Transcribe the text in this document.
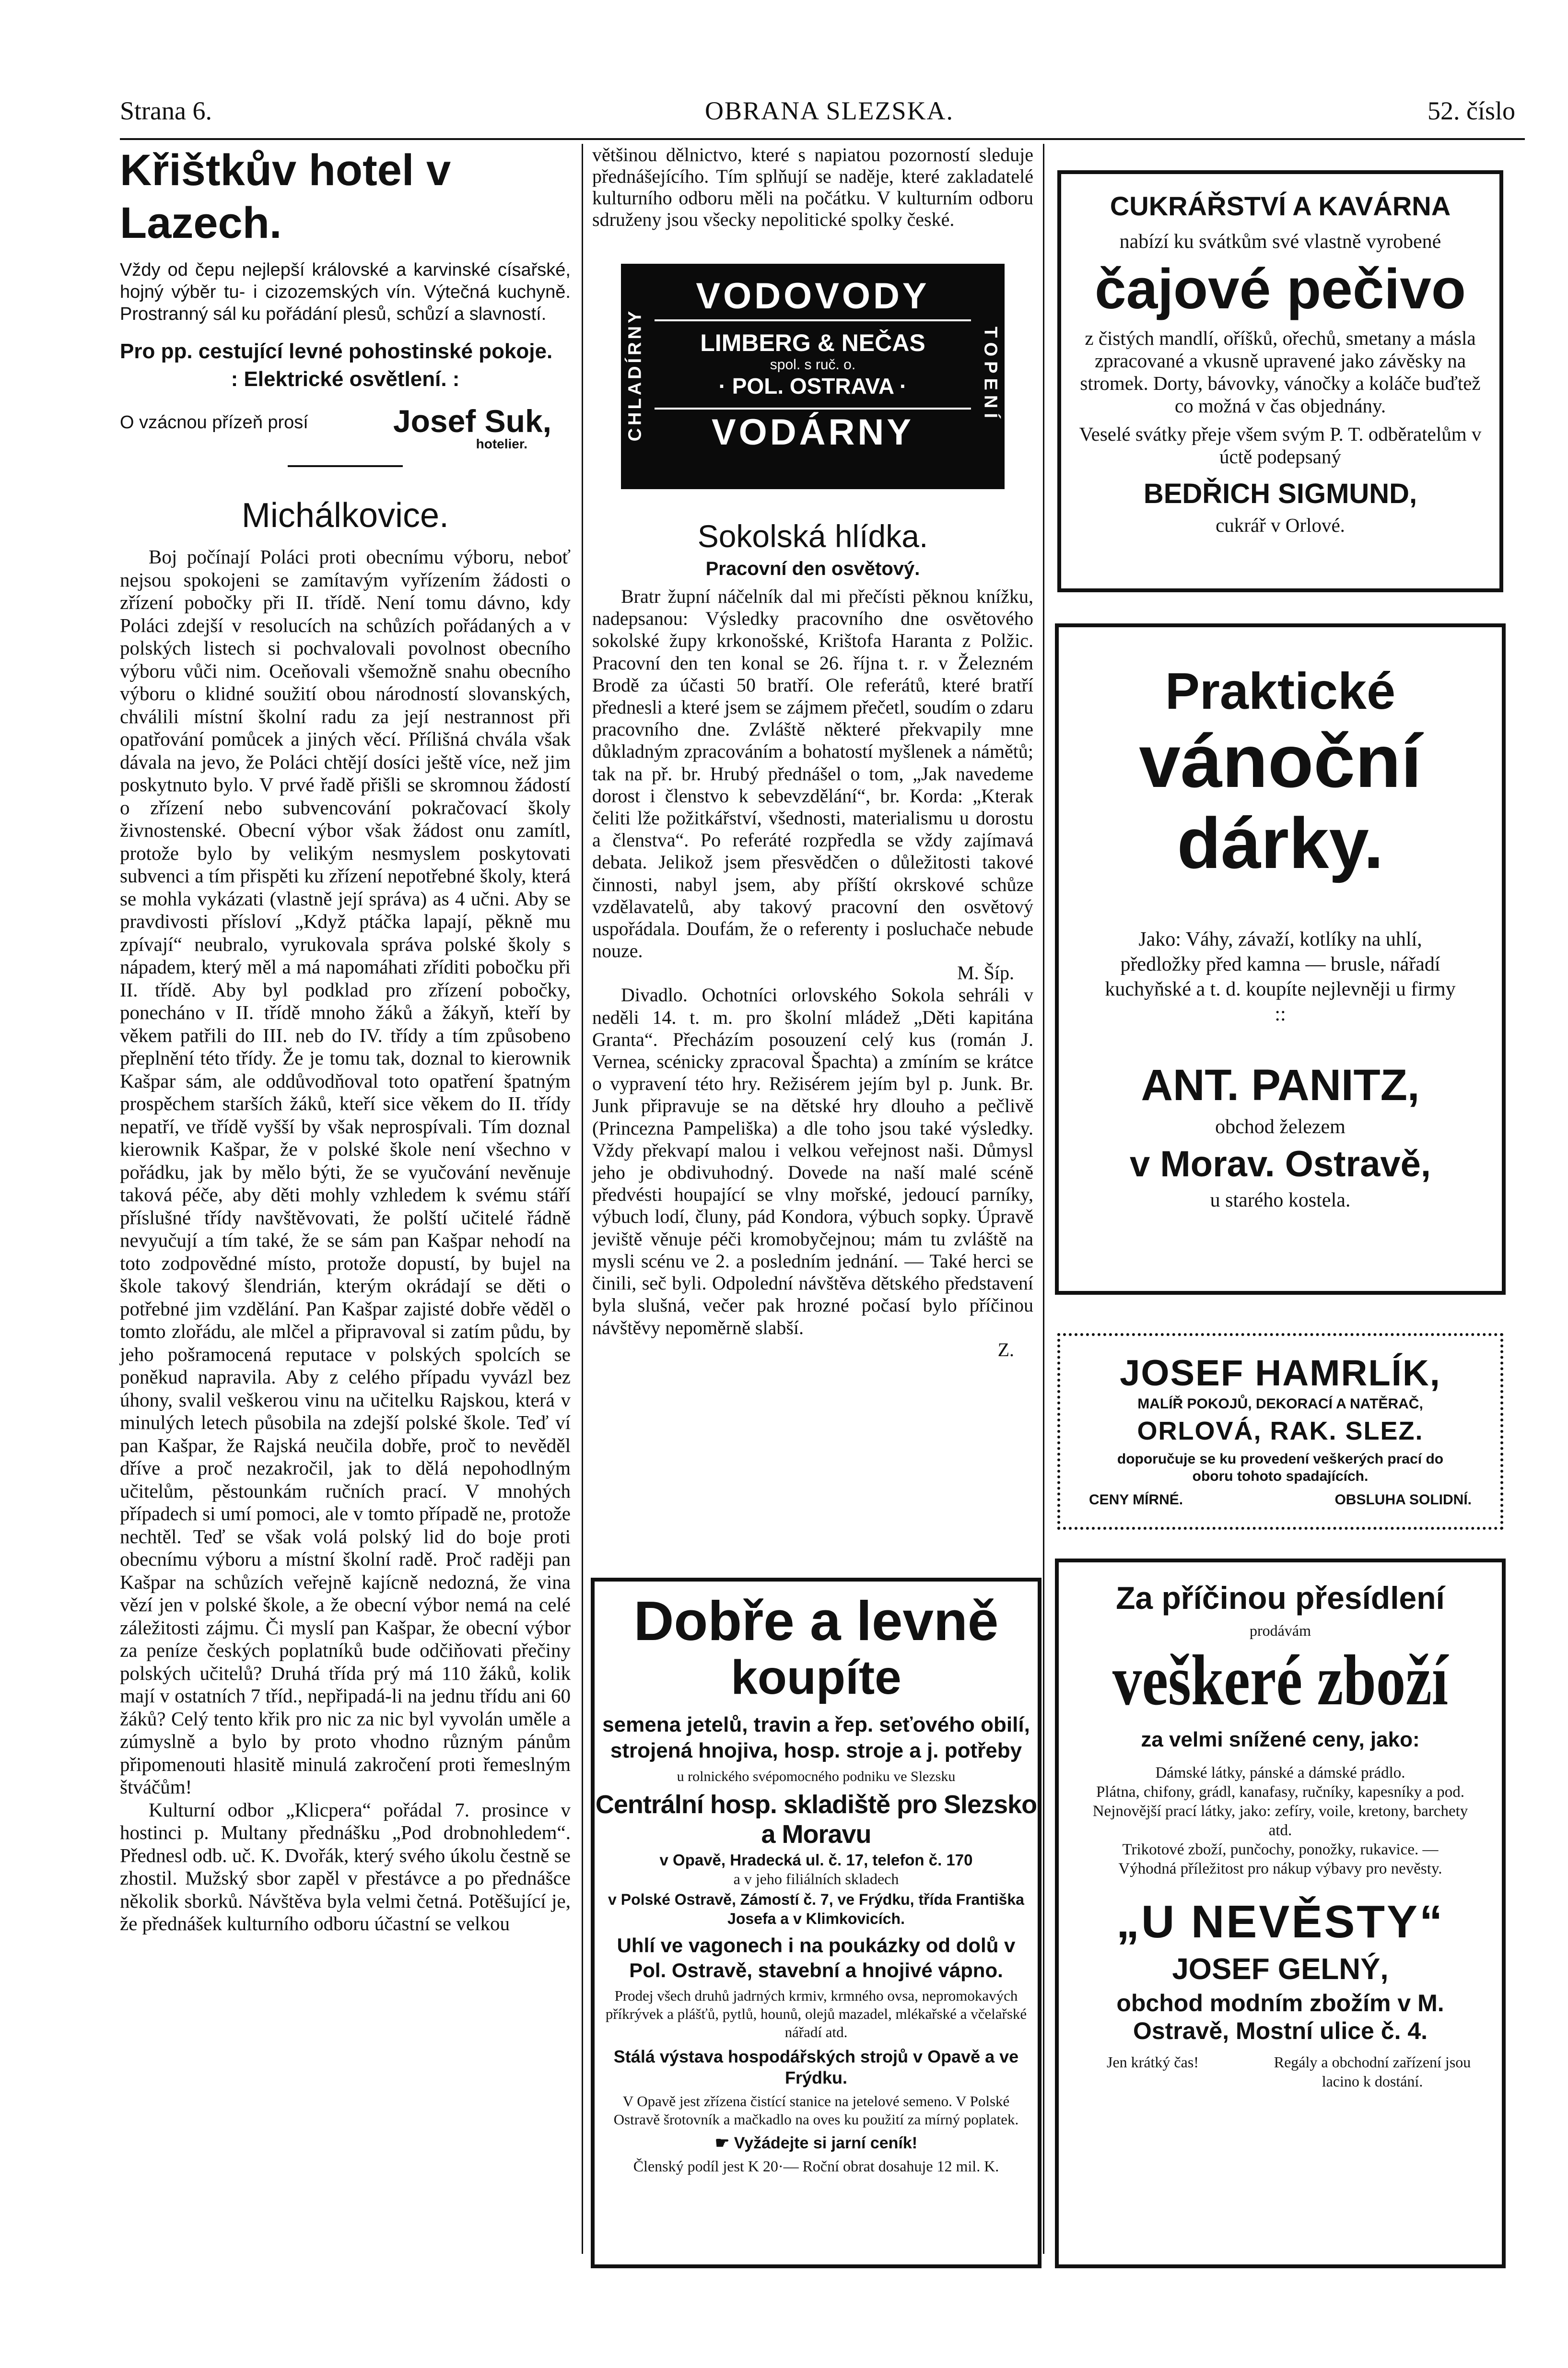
Strana 6.	OBRANA SLEZSKA.	52. číslo
Křištkův hotel v Lazech.

Vždy od čepu nejlepší královské a karvinské císařské, hojný výběr tu- i cizozemských vín. Výtečná kuchyně. Prostranný sál ku pořádání plesů, schůzí a slavností.

Pro pp. cestující levné pohostinské pokoje.

: Elektrické osvětlení. :

O vzácnou přízeň prosí	Josef Suk,
hotelier.
Michálkovice.

Boj počínají Poláci proti obecnímu výboru, neboť nejsou spokojeni se zamítavým vyřízením žádosti o zřízení pobočky při II. třídě. Není tomu dávno, kdy Poláci zdejší v resolucích na schůzích pořádaných a v polských listech si pochvalovali povolnost obecního výboru vůči nim. Oceňovali všemožně snahu obecního výboru o klidné soužití obou národností slovanských, chválili místní školní radu za její nestrannost při opatřování pomůcek a jiných věcí. Přílišná chvála však dávala na jevo, že Poláci chtějí dosíci ještě více, než jim poskytnuto bylo. V prvé řadě přišli se skromnou žádostí o zřízení nebo subvencování pokračovací školy živnostenské. Obecní výbor však žádost onu zamítl, protože bylo by velikým nesmyslem poskytovati subvenci a tím přispěti ku zřízení nepotřebné školy, která se mohla vykázati (vlastně její správa) as 4 učni. Aby se pravdivosti přísloví „Když ptáčka lapají, pěkně mu zpívají“ neubralo, vyrukovala správa polské školy s nápadem, který měl a má napomáhati zříditi pobočku při II. třídě. Aby byl podklad pro zřízení pobočky, ponecháno v II. třídě mnoho žáků a žákyň, kteří by věkem patřili do III. neb do IV. třídy a tím způsobeno přeplnění této třídy. Že je tomu tak, doznal to kierownik Kašpar sám, ale oddůvodňoval toto opatření špatným prospěchem starších žáků, kteří sice věkem do II. třídy nepatří, ve třídě vyšší by však neprospívali. Tím doznal kierownik Kašpar, že v polské škole není všechno v pořádku, jak by mělo býti, že se vyučování nevěnuje taková péče, aby děti mohly vzhledem k svému stáří příslušné třídy navštěvovati, že polští učitelé řádně nevyučují a tím také, že se sám pan Kašpar nehodí na toto zodpovědné místo, protože dopustí, by bujel na škole takový šlendrián, kterým okrádají se děti o potřebné jim vzdělání. Pan Kašpar zajisté dobře věděl o tomto zlořádu, ale mlčel a připravoval si zatím půdu, by jeho pošramocená reputace v polských spolcích se poněkud napravila. Aby z celého případu vyvázl bez úhony, svalil veškerou vinu na učitelku Rajskou, která v minulých letech působila na zdejší polské škole. Teď ví pan Kašpar, že Rajská neučila dobře, proč to nevěděl dříve a proč nezakročil, jak to dělá nepohodlným učitelům, pěstounkám ručních prací. V mnohých případech si umí pomoci, ale v tomto případě ne, protože nechtěl. Teď se však volá polský lid do boje proti obecnímu výboru a místní školní radě. Proč raději pan Kašpar na schůzích veřejně kajícně nedozná, že vina vězí jen v polské škole, a že obecní výbor nemá na celé záležitosti zájmu. Či myslí pan Kašpar, že obecní výbor za peníze českých poplatníků bude odčiňovati přečiny polských učitelů? Druhá třída prý má 110 žáků, kolik mají v ostatních 7 tříd., nepřipadá-li na jednu třídu ani 60 žáků? Celý tento křik pro nic za nic byl vyvolán uměle a zúmyslně a bylo by proto vhodno různým pánům připomenouti hlasitě minulá zakročení proti řemeslným štváčům!

Kulturní odbor „Klicpera“ pořádal 7. prosince v hostinci p. Multany přednášku „Pod drobnohledem“. Přednesl odb. uč. K. Dvořák, který svého úkolu čestně se zhostil. Mužský sbor zapěl v přestávce a po přednášce několik sborků. Návštěva byla velmi četná. Potěšující je, že přednášek kulturního odboru účastní se velkou

většinou dělnictvo, které s napiatou pozorností sleduje přednášejícího. Tím splňují se naděje, které zakladatelé kulturního odboru měli na počátku. V kulturním odboru sdruženy jsou všecky nepolitické spolky české.

CHLADÍRNY	TOPENÍ
VODOVODY
LIMBERG & NEČAS
spol. s ruč. o.
· POL. OSTRAVA ·
VODÁRNY
Sokolská hlídka.
Pracovní den osvětový.

Bratr župní náčelník dal mi přečísti pěknou knížku, nadepsanou: Výsledky pracovního dne osvětového sokolské župy krkonošské, Krištofa Haranta z Polžic. Pracovní den ten konal se 26. října t. r. v Železném Brodě za účasti 50 bratří. Ole referátů, které bratří přednesli a které jsem se zájmem přečetl, soudím o zdaru pracovního dne. Zvláště některé překvapily mne důkladným zpracováním a bohatostí myšlenek a námětů; tak na př. br. Hrubý přednášel o tom, „Jak navedeme dorost i členstvo k sebevzdělání“, br. Korda: „Kterak čeliti lže požitkářství, všednosti, materialismu u dorostu a členstva“. Po referáté rozpředla se vždy zajímavá debata. Jelikož jsem přesvědčen o důležitosti takové činnosti, nabyl jsem, aby příští okrskové schůze vzdělavatelů, aby takový pracovní den osvětový uspořádala. Doufám, že o referenty i posluchače nebude nouze.

M. Šíp.

Divadlo. Ochotníci orlovského Sokola sehráli v neděli 14. t. m. pro školní mládež „Děti kapitána Granta“. Přecházím posouzení celý kus (román J. Vernea, scénicky zpracoval Špachta) a zmíním se krátce o vypravení této hry. Režisérem jejím byl p. Junk. Br. Junk připravuje se na dětské hry dlouho a pečlivě (Princezna Pampeliška) a dle toho jsou také výsledky. Vždy překvapí malou i velkou veřejnost naši. Důmysl jeho je obdivuhodný. Dovede na naší malé scéně předvésti houpající se vlny mořské, jedoucí parníky, výbuch lodí, čluny, pád Kondora, výbuch sopky. Úpravě jeviště věnuje péči kromobyčejnou; mám tu zvláště na mysli scénu ve 2. a posledním jednání. — Také herci se činili, seč byli. Odpolední návštěva dětského představení byla slušná, večer pak hrozné počasí bylo příčinou návštěvy nepoměrně slabší.

Z.

Dobře a levně
koupíte
semena jetelů, travin a řep. seťového obilí, strojená hnojiva, hosp. stroje a j. potřeby
u rolnického svépomocného podniku ve Slezsku
Centrální hosp. skladiště pro Slezsko a Moravu
v Opavě, Hradecká ul. č. 17, telefon č. 170
a v jeho filiálních skladech
v Polské Ostravě, Zámostí č. 7, ve Frýdku, třída Františka Josefa a v Klimkovicích.
Uhlí ve vagonech i na poukázky od dolů v Pol. Ostravě, stavební a hnojivé vápno.
Prodej všech druhů jadrných krmiv, krmného ovsa, nepromokavých příkrývek a plášťů, pytlů, hounů, olejů mazadel, mlékařské a včelařské nářadí atd.
Stálá výstava hospodářských strojů v Opavě a ve Frýdku.
V Opavě jest zřízena čistící stanice na jetelové semeno. V Polské Ostravě šrotovník a mačkadlo na oves ku použití za mírný poplatek.
☛ Vyžádejte si jarní ceník!
Členský podíl jest K 20·— Roční obrat dosahuje 12 mil. K.
CUKRÁŘSTVÍ A KAVÁRNA
nabízí ku svátkům své vlastně vyrobené
čajové pečivo
z čistých mandlí, oříšků, ořechů, smetany a másla zpracované a vkusně upravené jako závěsky na stromek. Dorty, bávovky, vánočky a koláče buďtež co možná v čas objednány.
Veselé svátky přeje všem svým P. T. odběratelům v úctě podepsaný
BEDŘICH SIGMUND,
cukrář v Orlové.
Praktické
vánoční
dárky.
Jako: Váhy, závaží, kotlíky na uhlí, předložky před kamna — brusle, nářadí kuchyňské a t. d. koupíte nejlevněji u firmy ::
ANT. PANITZ,
obchod železem
v Morav. Ostravě,
u starého kostela.
JOSEF HAMRLÍK,
MALÍŘ POKOJŮ, DEKORACÍ A NATĚRAČ,
ORLOVÁ, RAK. SLEZ.
doporučuje se ku provedení veškerých prací do oboru tohoto spadajících.
CENY MÍRNÉ.	OBSLUHA SOLIDNÍ.
Za příčinou přesídlení
prodávám
veškeré zboží
za velmi snížené ceny, jako:
Dámské látky, pánské a dámské prádlo.
Plátna, chifony, grádl, kanafasy, ručníky, kapesníky a pod.
Nejnovější prací látky, jako: zefíry, voile, kretony, barchety atd.
Trikotové zboží, punčochy, ponožky, rukavice. — Výhodná příležitost pro nákup výbavy pro nevěsty.
„U NEVĚSTY“
JOSEF GELNÝ,
obchod modním zbožím v M.
Ostravě, Mostní ulice č. 4.
Jen krátký čas!	Regály a obchodní zařízení jsou lacino k dostání.
